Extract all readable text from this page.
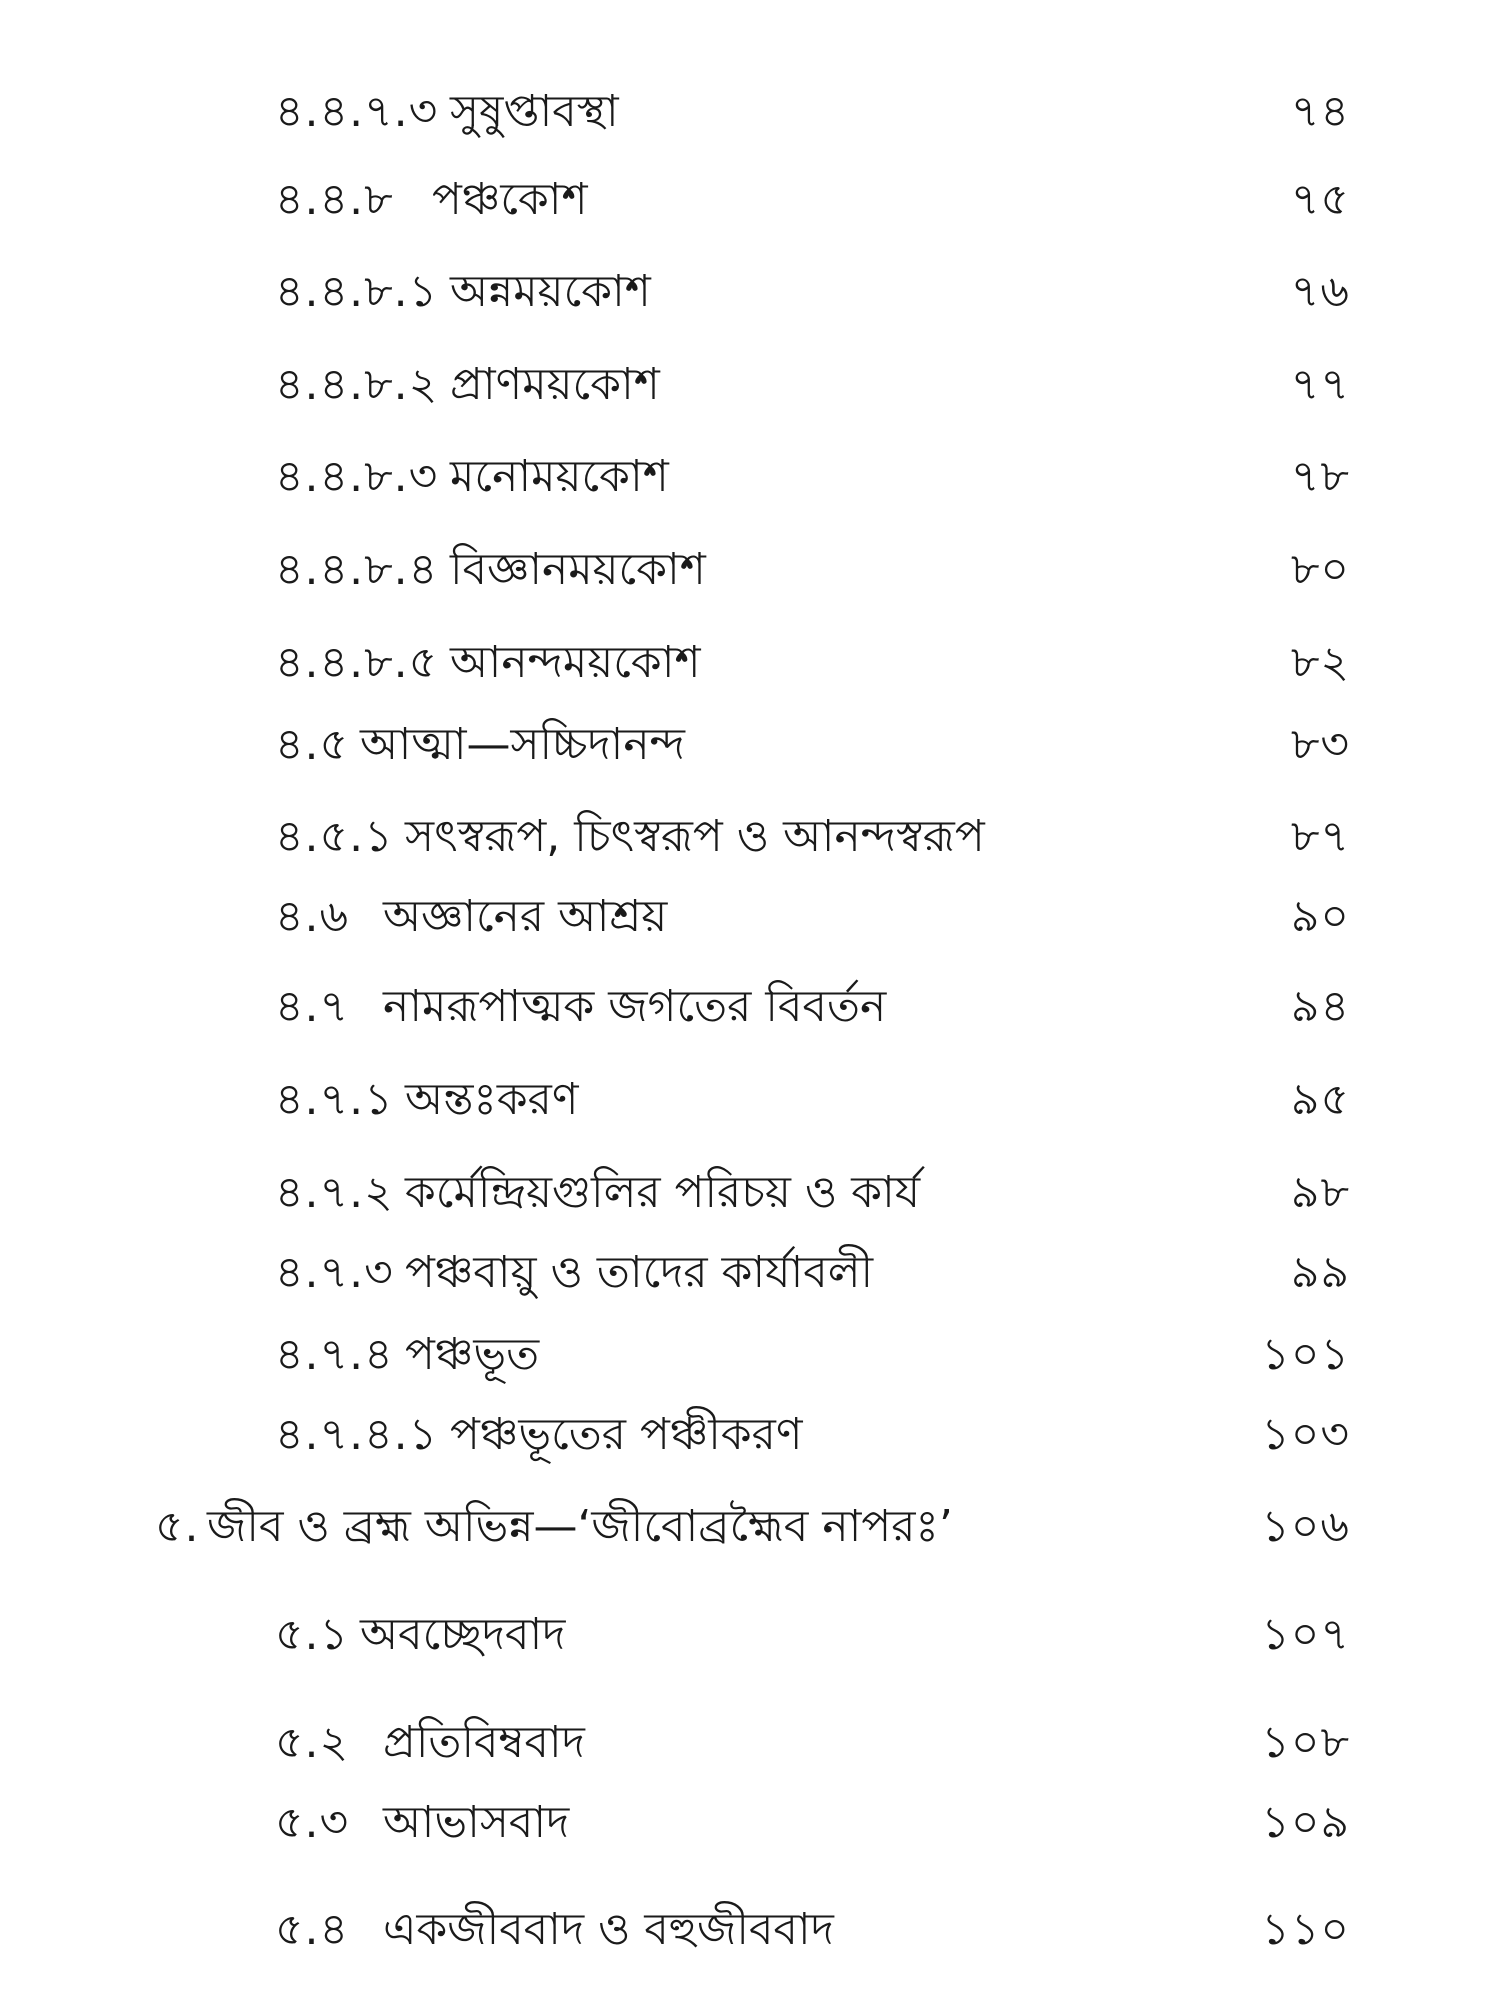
৪.৪.৭.৩ সুষুপ্তাবস্থা	৭৪
৪.৪.৮ পঞ্চকোশ	৭৫
৪.৪.৮.১ অন্নময়কোশ	৭৬
৪.৪.৮.২ প্রাণময়কোশ	৭৭
৪.৪.৮.৩ মনোময়কোশ	৭৮
৪.৪.৮.৪ বিজ্ঞানময়কোশ	৮০
৪.৪.৮.৫ আনন্দময়কোশ	৮২
৪.৫ আত্মা—সচ্চিদানন্দ	৮৩
৪.৫.১ সৎস্বরূপ, চিৎস্বরূপ ও আনন্দস্বরূপ	৮৭
৪.৬ অজ্ঞানের আশ্রয়	৯০
৪.৭ নামরূপাত্মক জগতের বিবর্তন	৯৪
৪.৭.১ অন্তঃকরণ	৯৫
৪.৭.২ কর্মেন্দ্রিয়গুলির পরিচয় ও কার্য	৯৮
৪.৭.৩ পঞ্চবায়ু ও তাদের কার্যাবলী	৯৯
৪.৭.৪ পঞ্চভূত	১০১
৪.৭.৪.১ পঞ্চভূতের পঞ্চীকরণ	১০৩
৫. জীব ও ব্রহ্ম অভিন্ন—‘জীবোব্রহ্মৈব নাপরঃ’	১০৬
৫.১ অবচ্ছেদবাদ	১০৭
৫.২ প্রতিবিম্ববাদ	১০৮
৫.৩ আভাসবাদ	১০৯
৫.৪ একজীববাদ ও বহুজীববাদ	১১০
